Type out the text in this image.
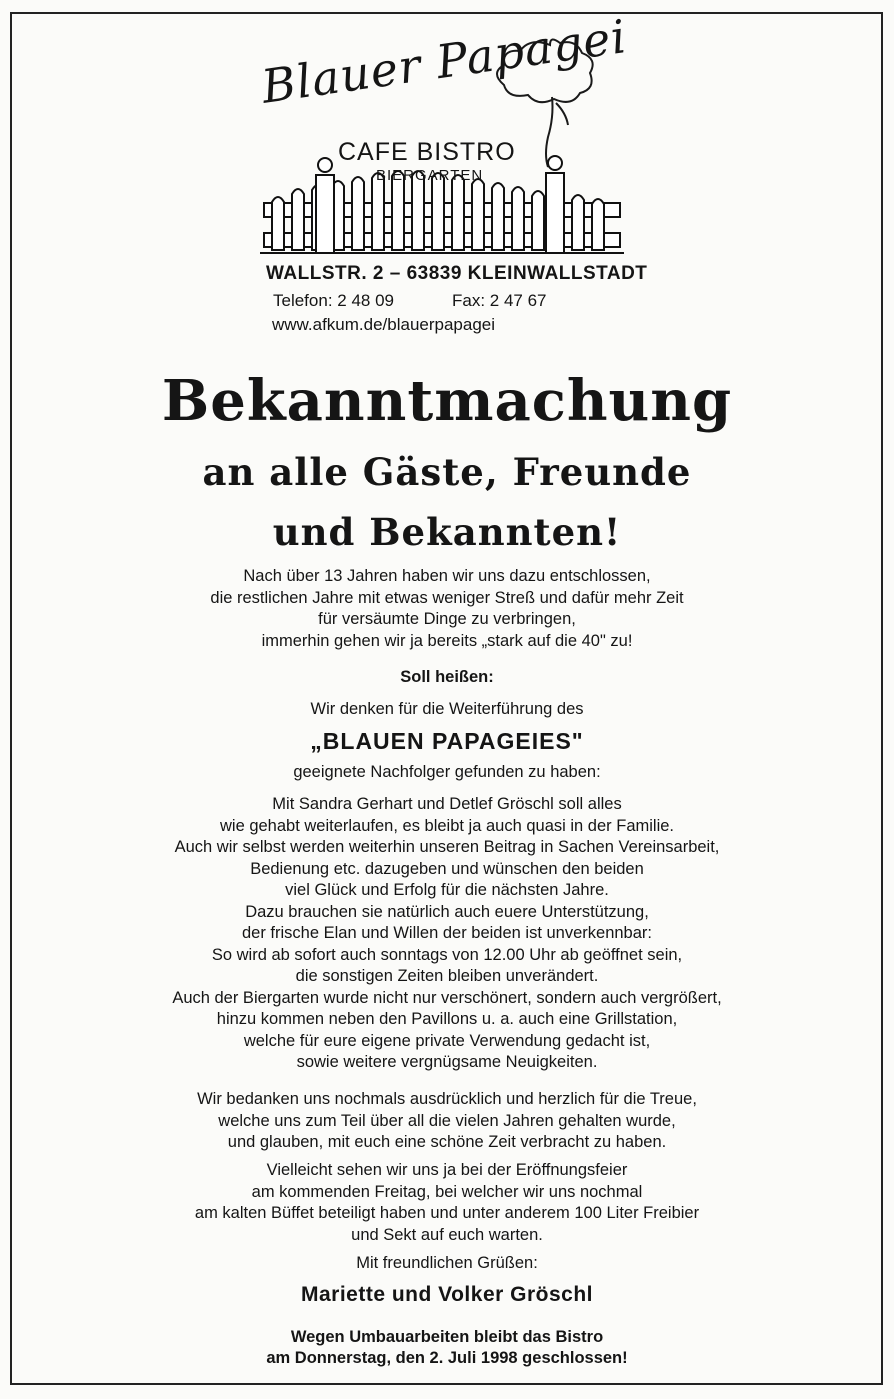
Blauer Papagei
CAFE BISTRO
BIERGARTEN
WALLSTR. 2 – 63839 KLEINWALLSTADT
Telefon: 2 48 09	Fax: 2 47 67
www.afkum.de/blauerpapagei
Bekanntmachung
an alle Gäste, Freunde
und Bekannten!
Nach über 13 Jahren haben wir uns dazu entschlossen,
die restlichen Jahre mit etwas weniger Streß und dafür mehr Zeit
für versäumte Dinge zu verbringen,
immerhin gehen wir ja bereits „stark auf die 40" zu!
Soll heißen:
Wir denken für die Weiterführung des
„BLAUEN PAPAGEIES"
geeignete Nachfolger gefunden zu haben:
Mit Sandra Gerhart und Detlef Gröschl soll alles
wie gehabt weiterlaufen, es bleibt ja auch quasi in der Familie.
Auch wir selbst werden weiterhin unseren Beitrag in Sachen Vereinsarbeit,
Bedienung etc. dazugeben und wünschen den beiden
viel Glück und Erfolg für die nächsten Jahre.
Dazu brauchen sie natürlich auch euere Unterstützung,
der frische Elan und Willen der beiden ist unverkennbar:
So wird ab sofort auch sonntags von 12.00 Uhr ab geöffnet sein,
die sonstigen Zeiten bleiben unverändert.
Auch der Biergarten wurde nicht nur verschönert, sondern auch vergrößert,
hinzu kommen neben den Pavillons u. a. auch eine Grillstation,
welche für eure eigene private Verwendung gedacht ist,
sowie weitere vergnügsame Neuigkeiten.
Wir bedanken uns nochmals ausdrücklich und herzlich für die Treue,
welche uns zum Teil über all die vielen Jahren gehalten wurde,
und glauben, mit euch eine schöne Zeit verbracht zu haben.
Vielleicht sehen wir uns ja bei der Eröffnungsfeier
am kommenden Freitag, bei welcher wir uns nochmal
am kalten Büffet beteiligt haben und unter anderem 100 Liter Freibier
und Sekt auf euch warten.
Mit freundlichen Grüßen:
Mariette und Volker Gröschl
Wegen Umbauarbeiten bleibt das Bistro
am Donnerstag, den 2. Juli 1998 geschlossen!
